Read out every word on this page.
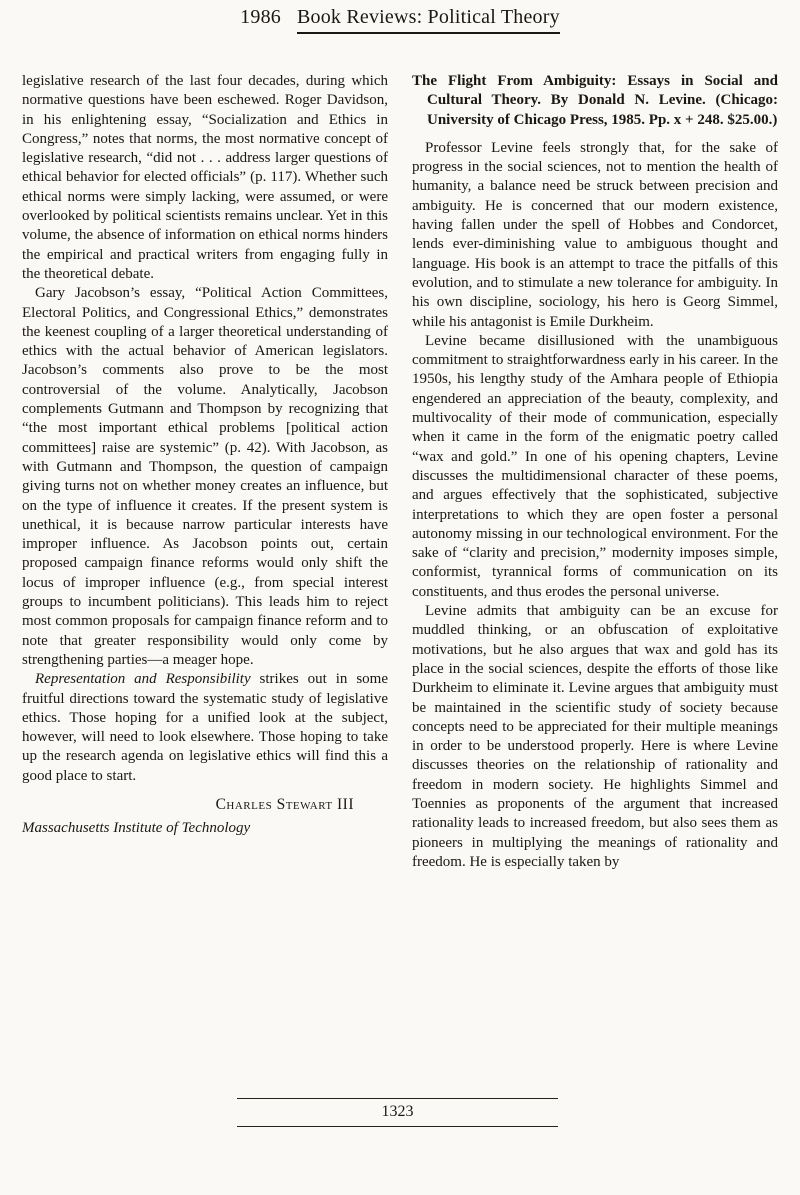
1986 Book Reviews: Political Theory

legislative research of the last four decades, during which normative questions have been eschewed. Roger Davidson, in his enlightening essay, “Socialization and Ethics in Congress,” notes that norms, the most normative concept of legislative research, “did not . . . address larger questions of ethical behavior for elected officials” (p. 117). Whether such ethical norms were simply lacking, were assumed, or were overlooked by political scientists remains unclear. Yet in this volume, the absence of information on ethical norms hinders the empirical and practical writers from engaging fully in the theoretical debate.

Gary Jacobson’s essay, “Political Action Committees, Electoral Politics, and Congressional Ethics,” demonstrates the keenest coupling of a larger theoretical understanding of ethics with the actual behavior of American legislators. Jacobson’s comments also prove to be the most controversial of the volume. Analytically, Jacobson complements Gutmann and Thompson by recognizing that “the most important ethical problems [political action committees] raise are systemic” (p. 42). With Jacobson, as with Gutmann and Thompson, the question of campaign giving turns not on whether money creates an influence, but on the type of influence it creates. If the present system is unethical, it is because narrow particular interests have improper influence. As Jacobson points out, certain proposed campaign finance reforms would only shift the locus of improper influence (e.g., from special interest groups to incumbent politicians). This leads him to reject most common proposals for campaign finance reform and to note that greater responsibility would only come by strengthening parties—a meager hope.

Representation and Responsibility strikes out in some fruitful directions toward the systematic study of legislative ethics. Those hoping for a unified look at the subject, however, will need to look elsewhere. Those hoping to take up the research agenda on legislative ethics will find this a good place to start.

Charles Stewart III

Massachusetts Institute of Technology

The Flight From Ambiguity: Essays in Social and Cultural Theory. By Donald N. Levine. (Chicago: University of Chicago Press, 1985. Pp. x + 248. $25.00.)

Professor Levine feels strongly that, for the sake of progress in the social sciences, not to mention the health of humanity, a balance need be struck between precision and ambiguity. He is concerned that our modern existence, having fallen under the spell of Hobbes and Condorcet, lends ever-diminishing value to ambiguous thought and language. His book is an attempt to trace the pitfalls of this evolution, and to stimulate a new tolerance for ambiguity. In his own discipline, sociology, his hero is Georg Simmel, while his antagonist is Emile Durkheim.

Levine became disillusioned with the unambiguous commitment to straightforwardness early in his career. In the 1950s, his lengthy study of the Amhara people of Ethiopia engendered an appreciation of the beauty, complexity, and multivocality of their mode of communication, especially when it came in the form of the enigmatic poetry called “wax and gold.” In one of his opening chapters, Levine discusses the multidimensional character of these poems, and argues effectively that the sophisticated, subjective interpretations to which they are open foster a personal autonomy missing in our technological environment. For the sake of “clarity and precision,” modernity imposes simple, conformist, tyrannical forms of communication on its constituents, and thus erodes the personal universe.

Levine admits that ambiguity can be an excuse for muddled thinking, or an obfuscation of exploitative motivations, but he also argues that wax and gold has its place in the social sciences, despite the efforts of those like Durkheim to eliminate it. Levine argues that ambiguity must be maintained in the scientific study of society because concepts need to be appreciated for their multiple meanings in order to be understood properly. Here is where Levine discusses theories on the relationship of rationality and freedom in modern society. He highlights Simmel and Toennies as proponents of the argument that increased rationality leads to increased freedom, but also sees them as pioneers in multiplying the meanings of rationality and freedom. He is especially taken by

1323
